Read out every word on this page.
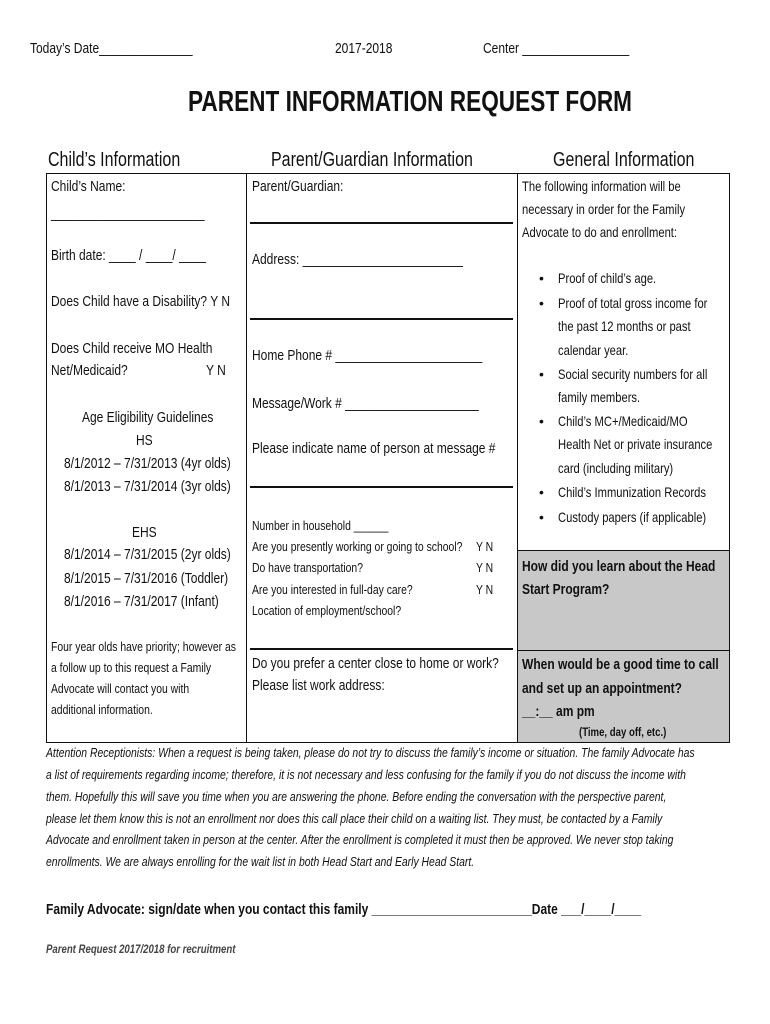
Today’s Date______________	2017-2018	Center ________________
PARENT INFORMATION REQUEST FORM
Child’s Information	Parent/Guardian Information	General Information
Child’s Name:
_______________________
Birth date: ____ / ____/ ____
Does Child have a Disability? Y N
Does Child receive MO Health
Net/Medicaid?	Y N
Age Eligibility Guidelines
HS
8/1/2012 – 7/31/2013 (4yr olds)
8/1/2013 – 7/31/2014 (3yr olds)
EHS
8/1/2014 – 7/31/2015 (2yr olds)
8/1/2015 – 7/31/2016 (Toddler)
8/1/2016 – 7/31/2017 (Infant)
Four year olds have priority; however as
a follow up to this request a Family
Advocate will contact you with
additional information.
Parent/Guardian:
Address: ________________________
Home Phone # ______________________
Message/Work # ____________________
Please indicate name of person at message #
Number in household ______
Are you presently working or going to school?	Y N
Do have transportation?	Y N
Are you interested in full-day care?	Y N
Location of employment/school?
Do you prefer a center close to home or work?
Please list work address:
The following information will be
necessary in order for the Family
Advocate to do and enrollment:
• Proof of child’s age.
• Proof of total gross income for
the past 12 months or past
calendar year.
• Social security numbers for all
family members.
• Child’s MC+/Medicaid/MO
Health Net or private insurance
card (including military)
• Child’s Immunization Records
• Custody papers (if applicable)
How did you learn about the Head
Start Program?
When would be a good time to call
and set up an appointment?
__:__ am pm
(Time, day off, etc.)
Attention Receptionists: When a request is being taken, please do not try to discuss the family’s income or situation. The family Advocate has
a list of requirements regarding income; therefore, it is not necessary and less confusing for the family if you do not discuss the income with
them. Hopefully this will save you time when you are answering the phone. Before ending the conversation with the perspective parent,
please let them know this is not an enrollment nor does this call place their child on a waiting list. They must, be contacted by a Family
Advocate and enrollment taken in person at the center. After the enrollment is completed it must then be approved. We never stop taking
enrollments. We are always enrolling for the wait list in both Head Start and Early Head Start.
Family Advocate: sign/date when you contact this family ________________________Date ___/____/____
Parent Request 2017/2018 for recruitment
